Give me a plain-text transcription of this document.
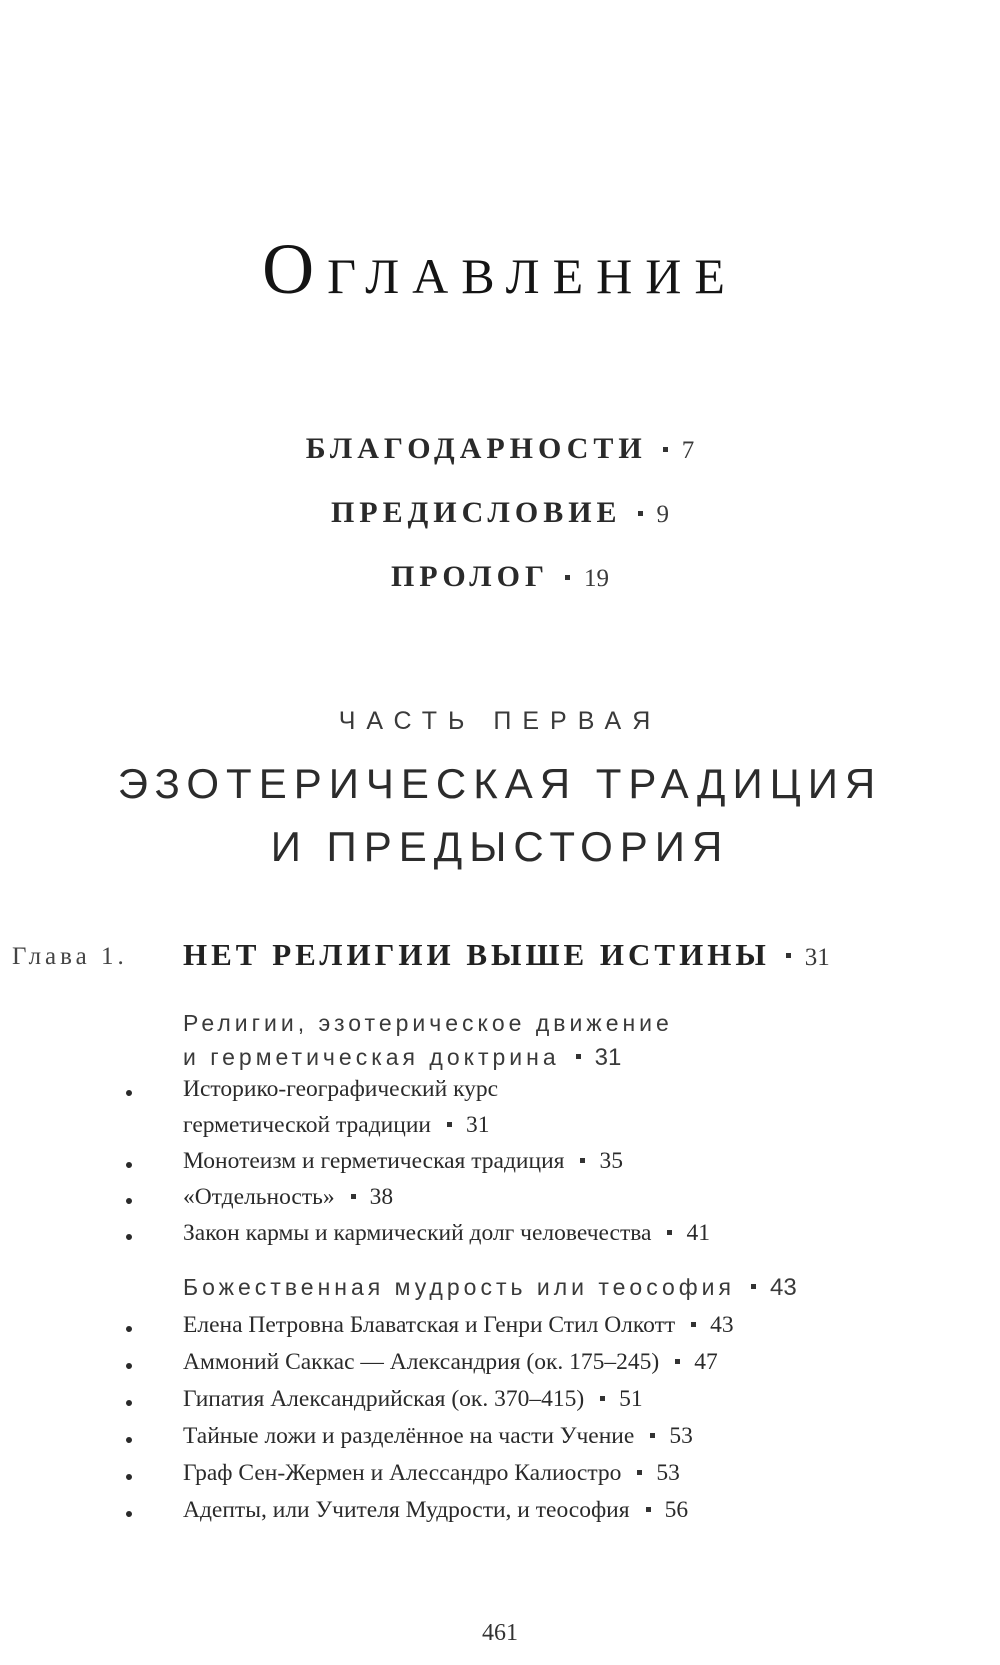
Оглавление
БЛАГОДАРНОСТИ 7
ПРЕДИСЛОВИЕ 9
ПРОЛОГ 19
ЧАСТЬ ПЕРВАЯ
ЭЗОТЕРИЧЕСКАЯ ТРАДИЦИЯ
И ПРЕДЫСТОРИЯ
Глава 1. НЕТ РЕЛИГИИ ВЫШЕ ИСТИНЫ 31
Религии, эзотерическое движение
и герметическая доктрина 31
Историко-географический курс
герметической традиции 31
Монотеизм и герметическая традиция 35
«Отдельность» 38
Закон кармы и кармический долг человечества 41
Божественная мудрость или теософия 43
Елена Петровна Блаватская и Генри Стил Олкотт 43
Аммоний Саккас — Александрия (ок. 175–245) 47
Гипатия Александрийская (ок. 370–415) 51
Тайные ложи и разделённое на части Учение 53
Граф Сен-Жермен и Алессандро Калиостро 53
Адепты, или Учителя Мудрости, и теософия 56
461
